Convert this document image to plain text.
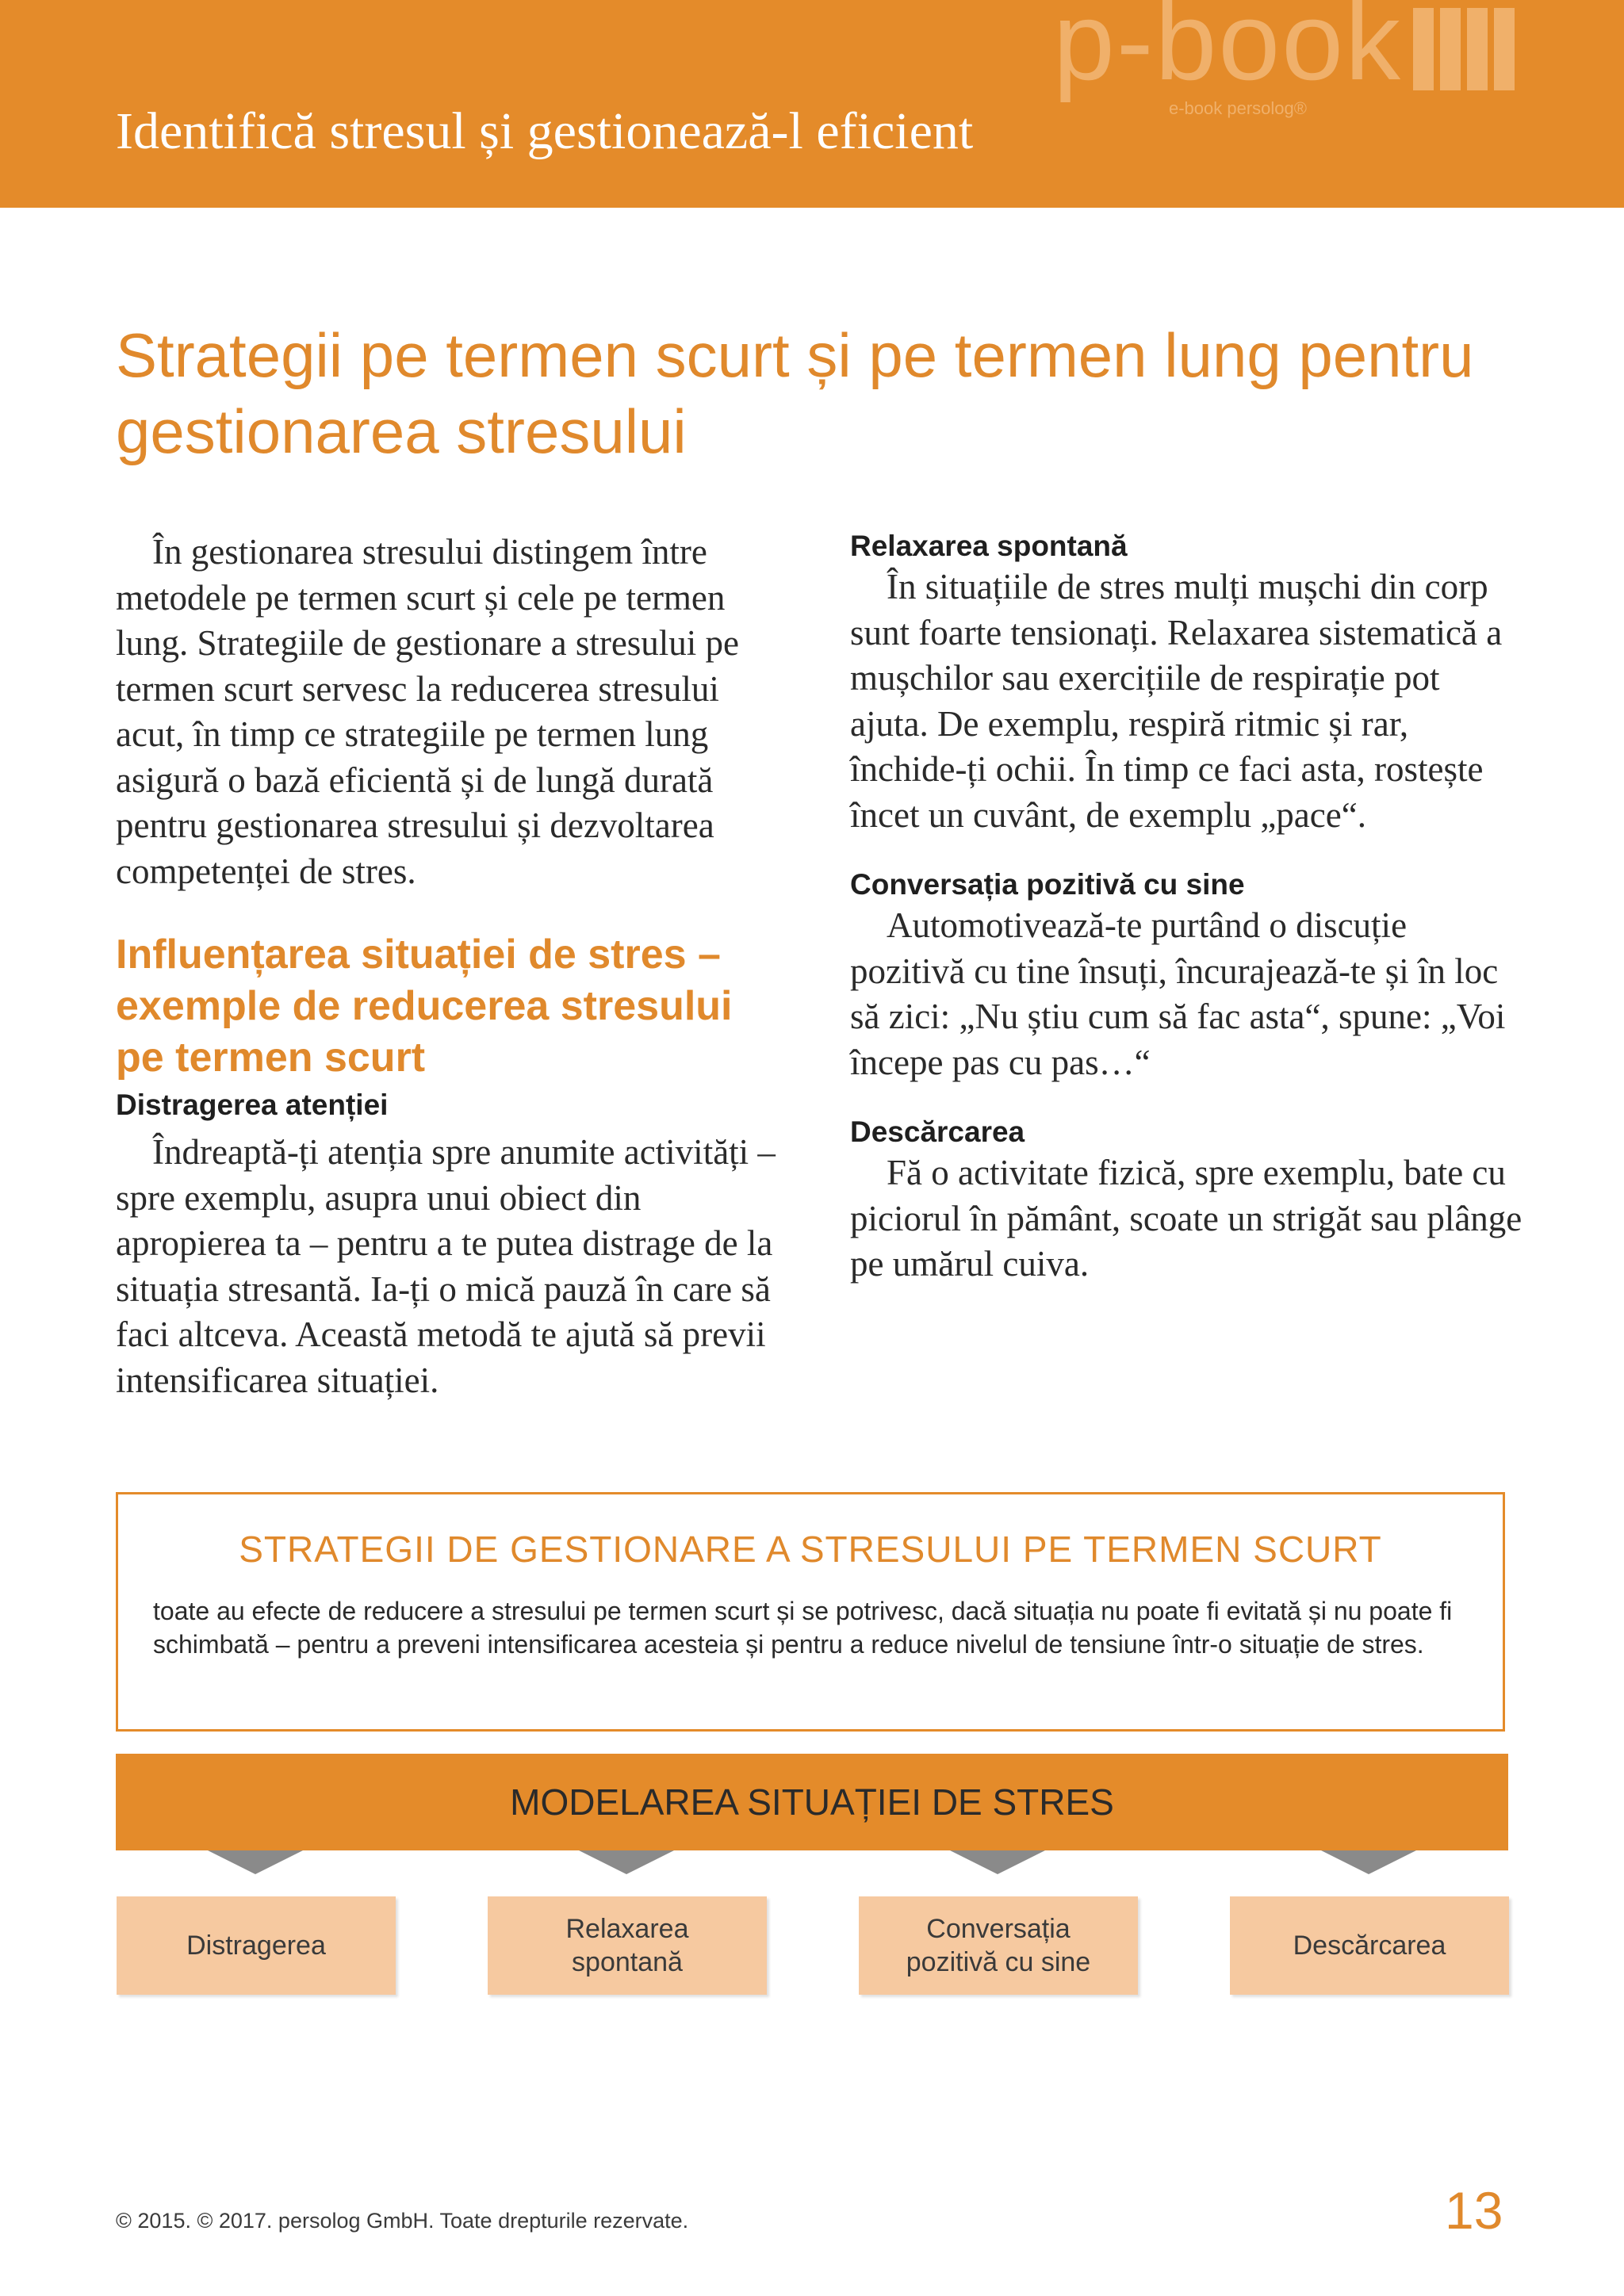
Identifică stresul și gestionează-l eficient
p-book
e-book persolog®
Strategii pe termen scurt și pe termen lung pentru gestionarea stresului

În gestionarea stresului distingem între metodele pe termen scurt și cele pe termen lung. Strategiile de gestionare a stresului pe termen scurt servesc la reducerea stresului acut, în timp ce strategiile pe termen lung asigură o bază eficientă și de lungă durată pentru gestionarea stresului și dezvoltarea competenței de stres.

Influențarea situației de stres – exemple de reducerea stresului pe termen scurt
Distragerea atenției

Îndreaptă-ți atenția spre anumite activități – spre exemplu, asupra unui obiect din apropierea ta – pentru a te putea distrage de la situația stresantă. Ia-ți o mică pauză în care să faci altceva. Această metodă te ajută să previi intensificarea situației.

Relaxarea spontană

În situațiile de stres mulți mușchi din corp sunt foarte tensionați. Relaxarea sistematică a mușchilor sau exercițiile de respirație pot ajuta. De exemplu, respiră ritmic și rar, închide-ți ochii. În timp ce faci asta, rostește încet un cuvânt, de exemplu „pace“.

Conversația pozitivă cu sine

Automotivează-te purtând o discuție pozitivă cu tine însuți, încurajează-te și în loc să zici: „Nu știu cum să fac asta“, spune: „Voi începe pas cu pas…“

Descărcarea

Fă o activitate fizică, spre exemplu, bate cu piciorul în pământ, scoate un strigăt sau plânge pe umărul cuiva.

STRATEGII DE GESTIONARE A STRESULUI PE TERMEN SCURT

toate au efecte de reducere a stresului pe termen scurt și se potrivesc, dacă situația nu poate fi evitată și nu poate fi schimbată – pentru a preveni intensificarea acesteia și pentru a reduce nivelul de tensiune într-o situație de stres.

MODELAREA SITUAȚIEI DE STRES
Distragerea
Relaxarea
spontană
Conversația
pozitivă cu sine
Descărcarea
© 2015. © 2017. persolog GmbH. Toate drepturile rezervate.	13
